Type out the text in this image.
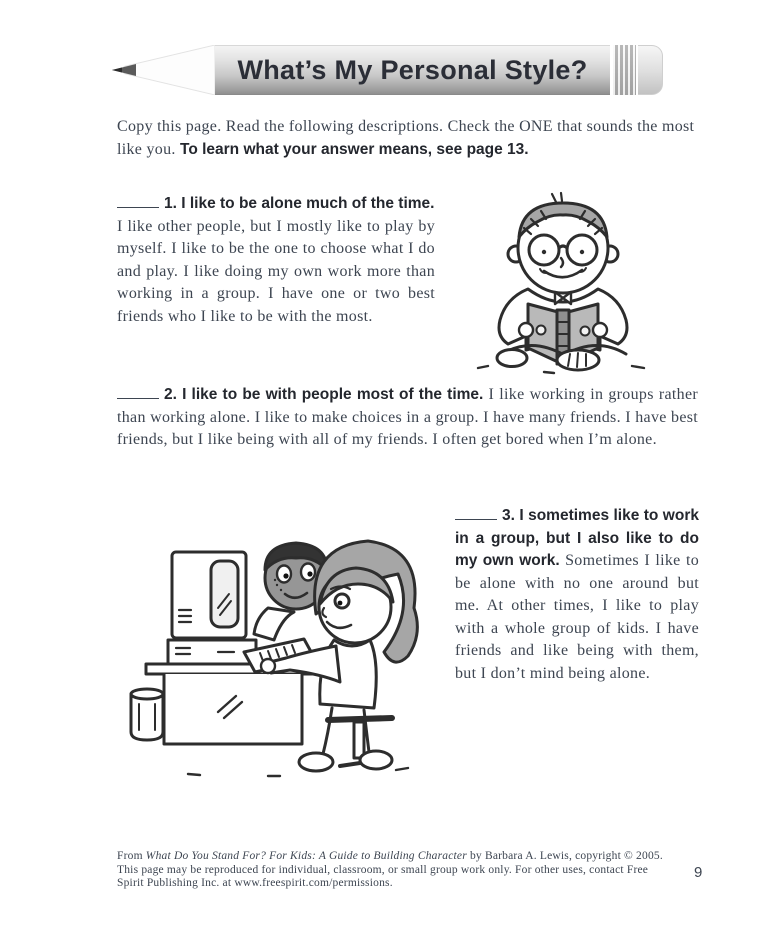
What’s My Personal Style?

Copy this page. Read the following descriptions. Check the ONE that sounds the most like you. To learn what your answer means, see page 13.

1. I like to be alone much of the time.

I like other people, but I mostly like to play by myself. I like to be the one to choose what I do and play. I like doing my own work more than working in a group. I have one or two best friends who I like to be with the most.

2. I like to be with people most of the time. I like working in groups rather than working alone. I like to make choices in a group. I have many friends. I have best friends, but I like being with all of my friends. I often get bored when I’m alone.

3. I sometimes like to work in a group, but I also like to do my own work. Sometimes I like to be alone with no one around but me. At other times, I like to play with a whole group of kids. I have friends and like being with them, but I don’t mind being alone.

From What Do You Stand For? For Kids: A Guide to Building Character by Barbara A. Lewis, copyright © 2005. This page may be reproduced for individual, classroom, or small group work only. For other uses, contact Free Spirit Publishing Inc. at www.freespirit.com/permissions.

9
